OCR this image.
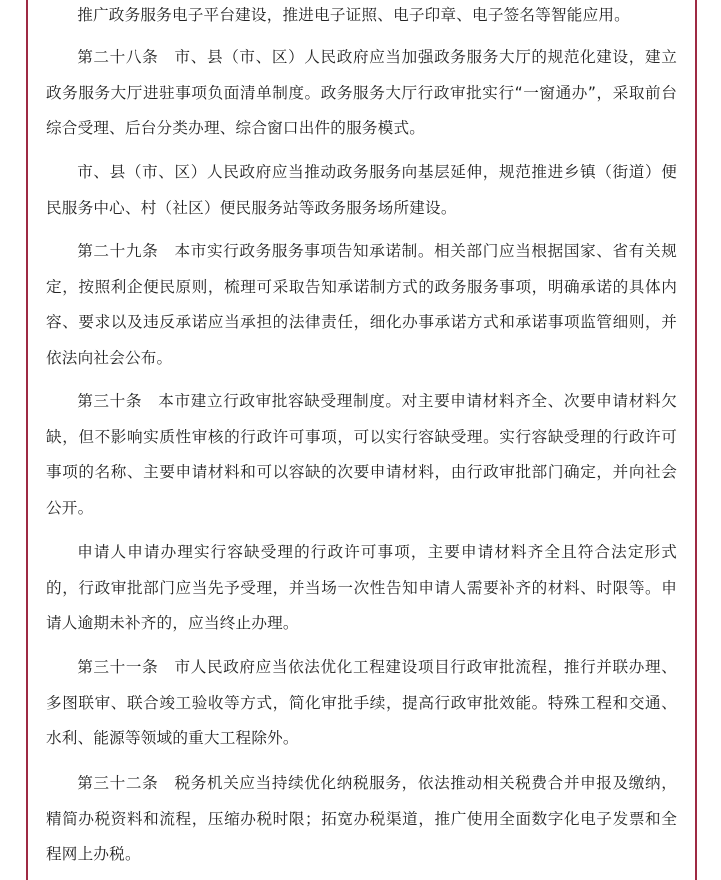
推广政务服务电子平台建设，推进电子证照、电子印章、电子签名等智能应用。

第二十八条　市、县（市、区）人民政府应当加强政务服务大厅的规范化建设，建立政务服务大厅进驻事项负面清单制度。政务服务大厅行政审批实行“一窗通办”，采取前台综合受理、后台分类办理、综合窗口出件的服务模式。

市、县（市、区）人民政府应当推动政务服务向基层延伸，规范推进乡镇（街道）便民服务中心、村（社区）便民服务站等政务服务场所建设。

第二十九条　本市实行政务服务事项告知承诺制。相关部门应当根据国家、省有关规定，按照利企便民原则，梳理可采取告知承诺制方式的政务服务事项，明确承诺的具体内容、要求以及违反承诺应当承担的法律责任，细化办事承诺方式和承诺事项监管细则，并依法向社会公布。

第三十条　本市建立行政审批容缺受理制度。对主要申请材料齐全、次要申请材料欠缺，但不影响实质性审核的行政许可事项，可以实行容缺受理。实行容缺受理的行政许可事项的名称、主要申请材料和可以容缺的次要申请材料，由行政审批部门确定，并向社会公开。

申请人申请办理实行容缺受理的行政许可事项，主要申请材料齐全且符合法定形式的，行政审批部门应当先予受理，并当场一次性告知申请人需要补齐的材料、时限等。申请人逾期未补齐的，应当终止办理。

第三十一条　市人民政府应当依法优化工程建设项目行政审批流程，推行并联办理、多图联审、联合竣工验收等方式，简化审批手续，提高行政审批效能。特殊工程和交通、水利、能源等领域的重大工程除外。

第三十二条　税务机关应当持续优化纳税服务，依法推动相关税费合并申报及缴纳，精简办税资料和流程，压缩办税时限；拓宽办税渠道，推广使用全面数字化电子发票和全程网上办税。
